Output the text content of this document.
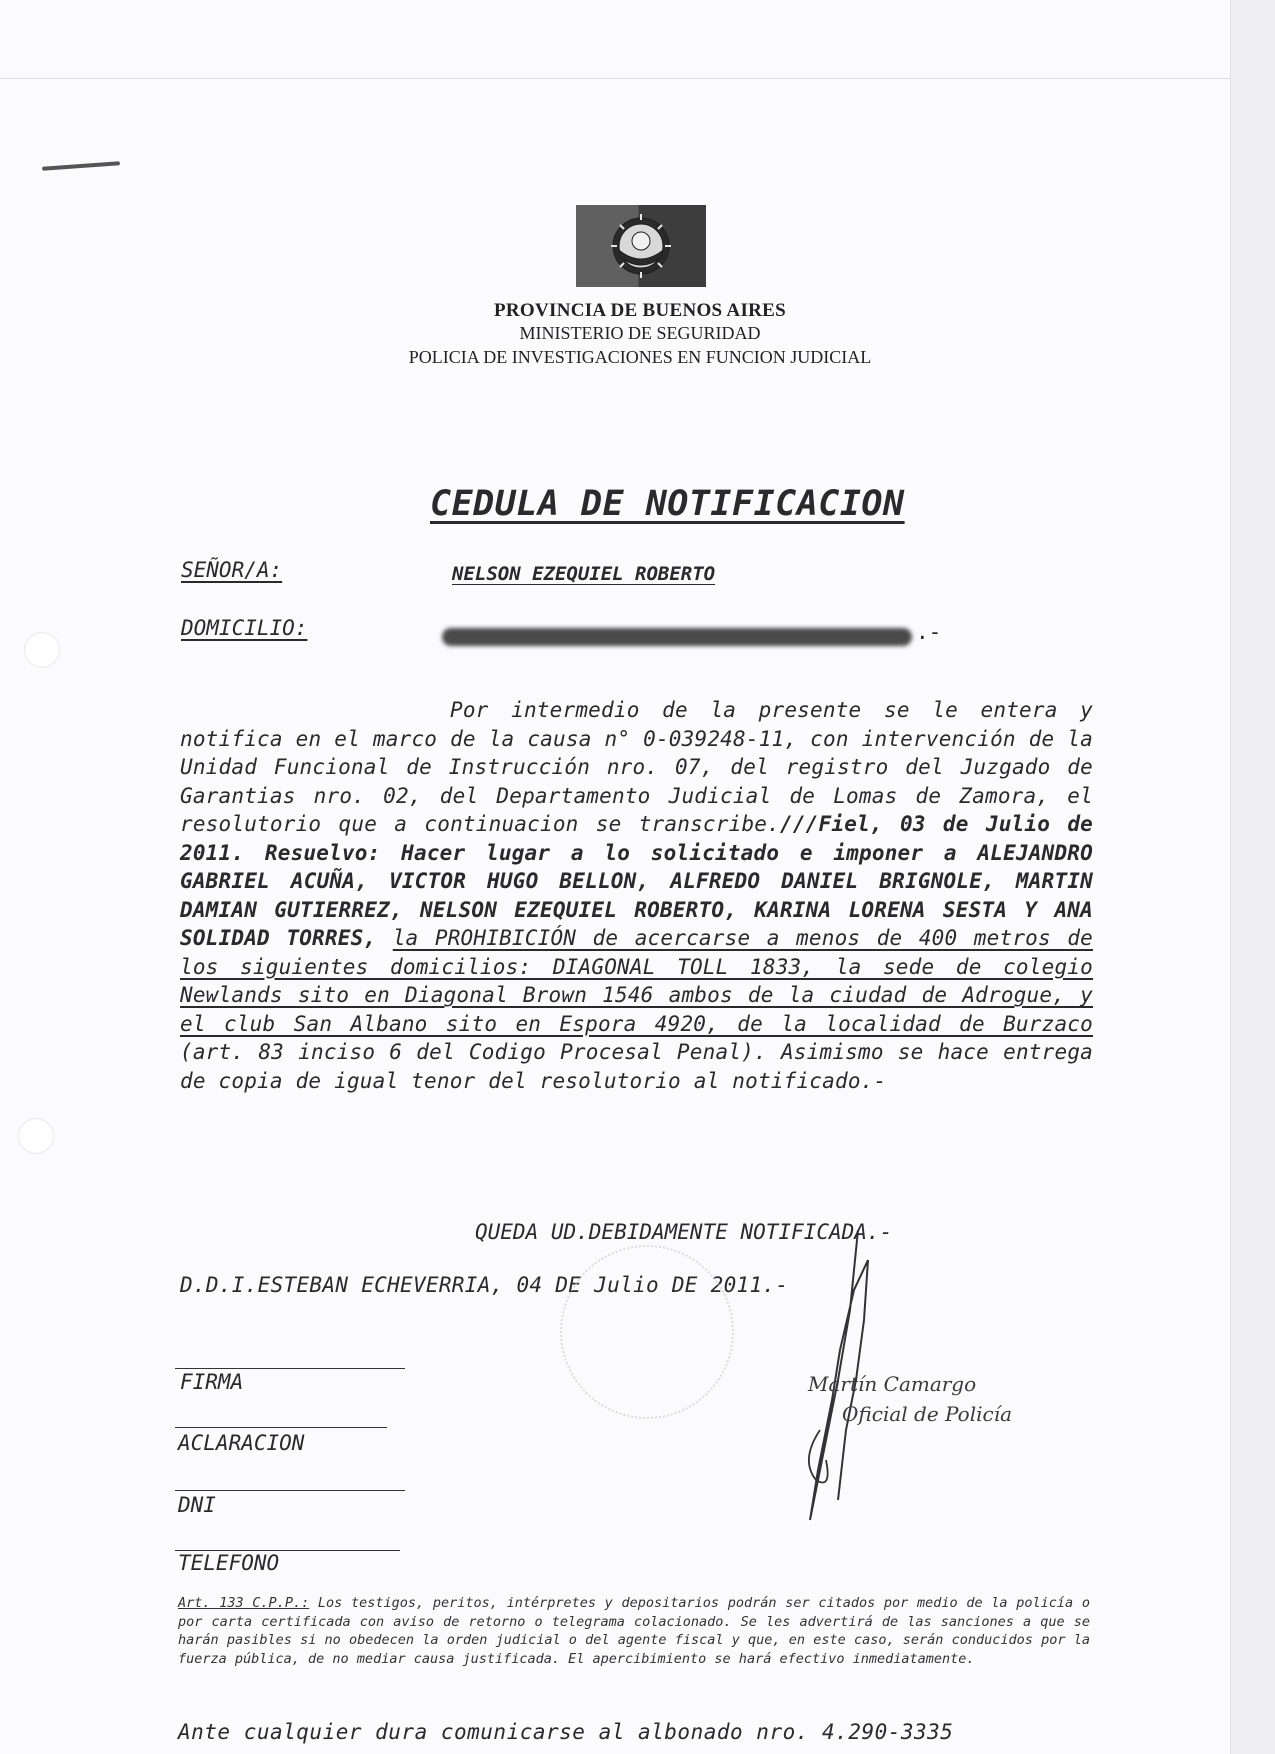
PROVINCIA DE BUENOS AIRES
MINISTERIO DE SEGURIDAD
POLICIA DE INVESTIGACIONES EN FUNCION JUDICIAL
CEDULA DE NOTIFICACION
SEÑOR/A:	NELSON EZEQUIEL ROBERTO
DOMICILIO:	.-
Por intermedio de la presente se le entera y notifica en el marco de la causa n° 0-039248-11, con intervención de la Unidad Funcional de Instrucción nro. 07, del registro del Juzgado de Garantias nro. 02, del Departamento Judicial de Lomas de Zamora, el resolutorio que a continuacion se transcribe.///Fiel, 03 de Julio de 2011. Resuelvo: Hacer lugar a lo solicitado e imponer a ALEJANDRO GABRIEL ACUÑA, VICTOR HUGO BELLON, ALFREDO DANIEL BRIGNOLE, MARTIN DAMIAN GUTIERREZ, NELSON EZEQUIEL ROBERTO, KARINA LORENA SESTA Y ANA SOLIDAD TORRES, la PROHIBICIÓN de acercarse a menos de 400 metros de los siguientes domicilios: DIAGONAL TOLL 1833, la sede de colegio Newlands sito en Diagonal Brown 1546 ambos de la ciudad de Adrogue, y el club San Albano sito en Espora 4920, de la localidad de Burzaco (art. 83 inciso 6 del Codigo Procesal Penal). Asimismo se hace entrega de copia de igual tenor del resolutorio al notificado.-
QUEDA UD.DEBIDAMENTE NOTIFICADA.-
D.D.I.ESTEBAN ECHEVERRIA, 04 DE Julio DE 2011.-
FIRMA
ACLARACION
DNI
TELEFONO
Martín Camargo
Oficial de Policía
Art. 133 C.P.P.: Los testigos, peritos, intérpretes y depositarios podrán ser citados por medio de la policía o por carta certificada con aviso de retorno o telegrama colacionado. Se les advertirá de las sanciones a que se harán pasibles si no obedecen la orden judicial o del agente fiscal y que, en este caso, serán conducidos por la fuerza pública, de no mediar causa justificada. El apercibimiento se hará efectivo inmediatamente.
Ante cualquier dura comunicarse al albonado nro. 4.290-3335
